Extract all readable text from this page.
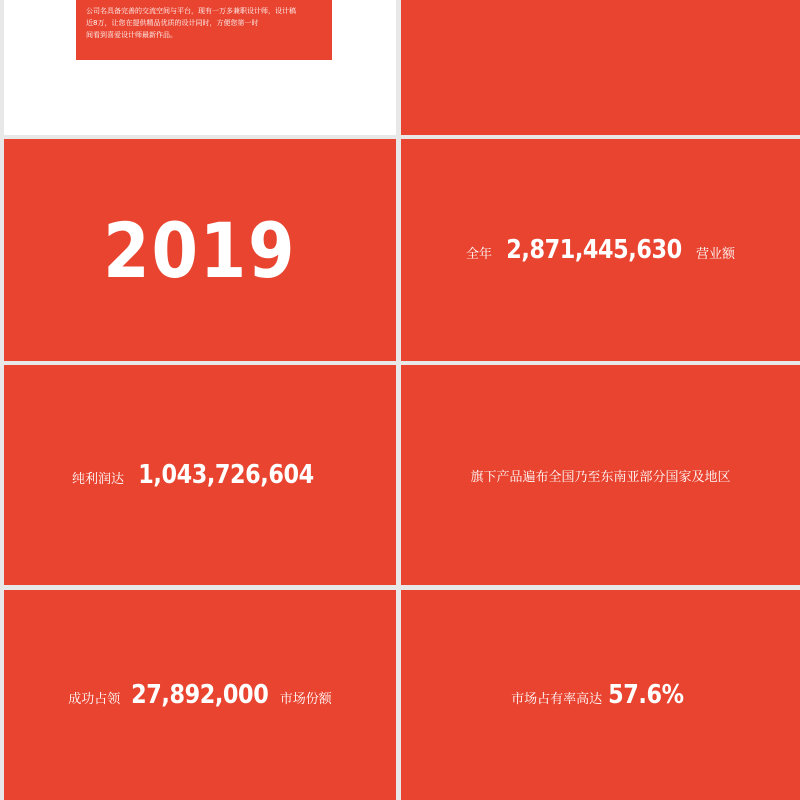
公司名具备完善的交流空间与平台，现有一万多兼职设计师，设计稿
近8万，让您在提供精品优质的设计同时，方便您第一时
间看到喜爱设计师最新作品。
2019	全年 2,871,445,630 营业额
纯利润达 1,043,726,604	旗下产品遍布全国乃至东南亚部分国家及地区
成功占领 27,892,000 市场份额	市场占有率高达 57.6%
